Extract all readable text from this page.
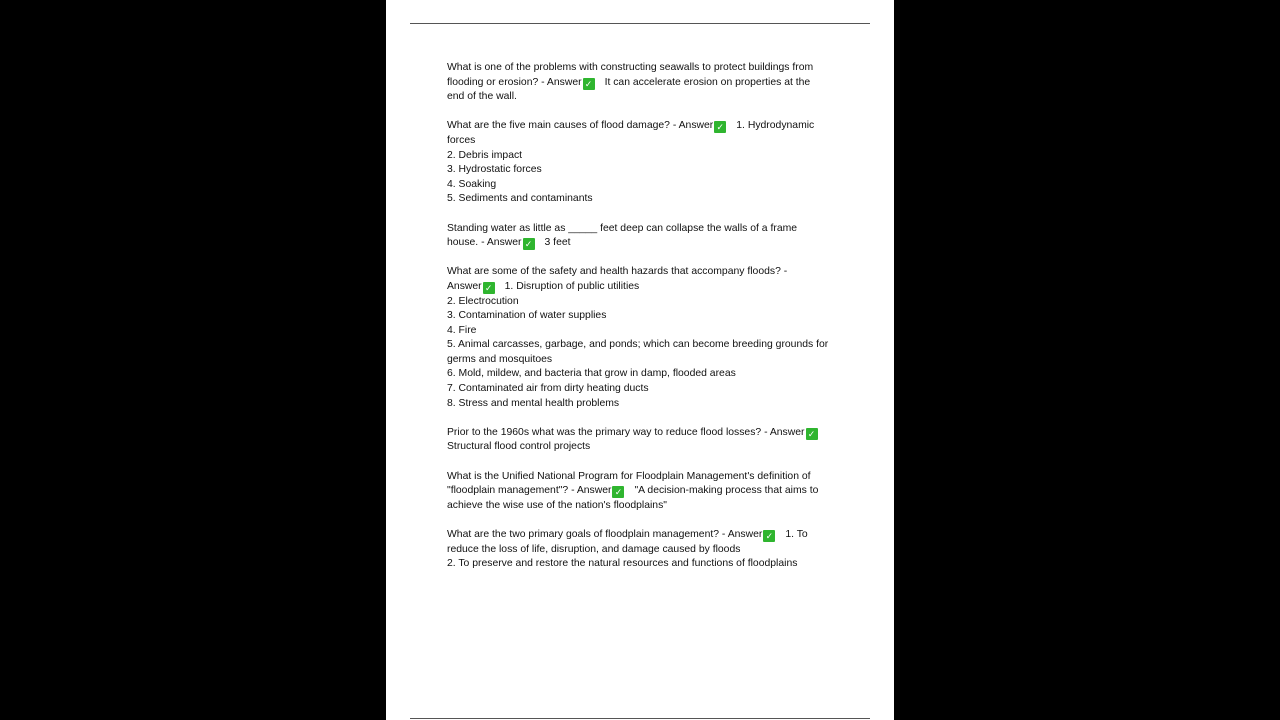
What is one of the problems with constructing seawalls to protect buildings from
flooding or erosion? - Answer ✓ It can accelerate erosion on properties at the
end of the wall.
What are the five main causes of flood damage? - Answer ✓ 1. Hydrodynamic
forces
2. Debris impact
3. Hydrostatic forces
4. Soaking
5. Sediments and contaminants
Standing water as little as _____ feet deep can collapse the walls of a frame
house. - Answer ✓ 3 feet
What are some of the safety and health hazards that accompany floods? -
Answer ✓ 1. Disruption of public utilities
2. Electrocution
3. Contamination of water supplies
4. Fire
5. Animal carcasses, garbage, and ponds; which can become breeding grounds for
germs and mosquitoes
6. Mold, mildew, and bacteria that grow in damp, flooded areas
7. Contaminated air from dirty heating ducts
8. Stress and mental health problems
Prior to the 1960s what was the primary way to reduce flood losses? - Answer ✓
Structural flood control projects
What is the Unified National Program for Floodplain Management's definition of
"floodplain management"? - Answer ✓ "A decision-making process that aims to
achieve the wise use of the nation's floodplains"
What are the two primary goals of floodplain management? - Answer ✓ 1. To
reduce the loss of life, disruption, and damage caused by floods
2. To preserve and restore the natural resources and functions of floodplains
